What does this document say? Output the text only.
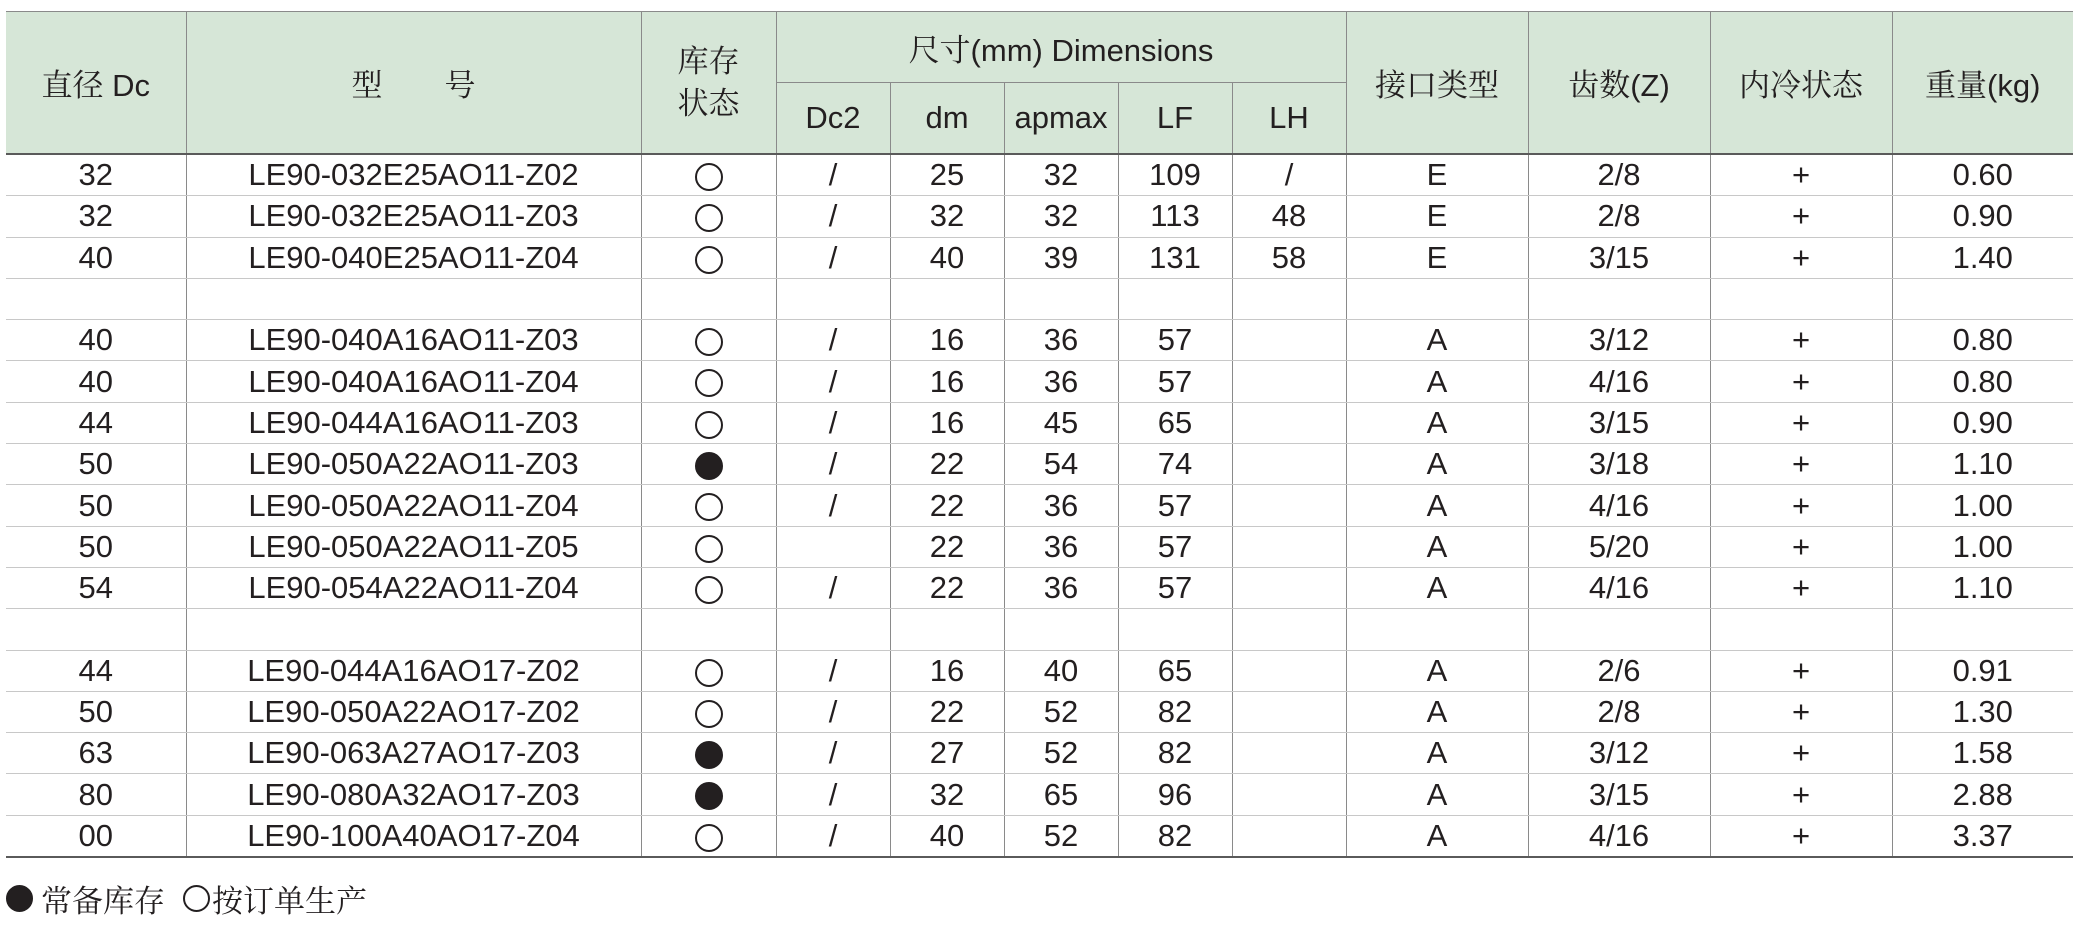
直径 Dc	型　　号	库存
状态	尺寸(mm) Dimensions					接口类型	齿数(Z)	内冷状态	重量(kg)
			Dc2	dm	apmax	LF	LH				
32	LE90-032E25AO11-Z02		/	25	32	109	/	E	2/8	+	0.60
32	LE90-032E25AO11-Z03		/	32	32	113	48	E	2/8	+	0.90
40	LE90-040E25AO11-Z04		/	40	39	131	58	E	3/15	+	1.40

40	LE90-040A16AO11-Z03		/	16	36	57		A	3/12	+	0.80
40	LE90-040A16AO11-Z04		/	16	36	57		A	4/16	+	0.80
44	LE90-044A16AO11-Z03		/	16	45	65		A	3/15	+	0.90
50	LE90-050A22AO11-Z03		/	22	54	74		A	3/18	+	1.10
50	LE90-050A22AO11-Z04		/	22	36	57		A	4/16	+	1.00
50	LE90-050A22AO11-Z05			22	36	57		A	5/20	+	1.00
54	LE90-054A22AO11-Z04		/	22	36	57		A	4/16	+	1.10

44	LE90-044A16AO17-Z02		/	16	40	65		A	2/6	+	0.91
50	LE90-050A22AO17-Z02		/	22	52	82		A	2/8	+	1.30
63	LE90-063A27AO17-Z03		/	27	52	82		A	3/12	+	1.58
80	LE90-080A32AO17-Z03		/	32	65	96		A	3/15	+	2.88
00	LE90-100A40AO17-Z04		/	40	52	82		A	4/16	+	3.37
常备库存 按订单生产
